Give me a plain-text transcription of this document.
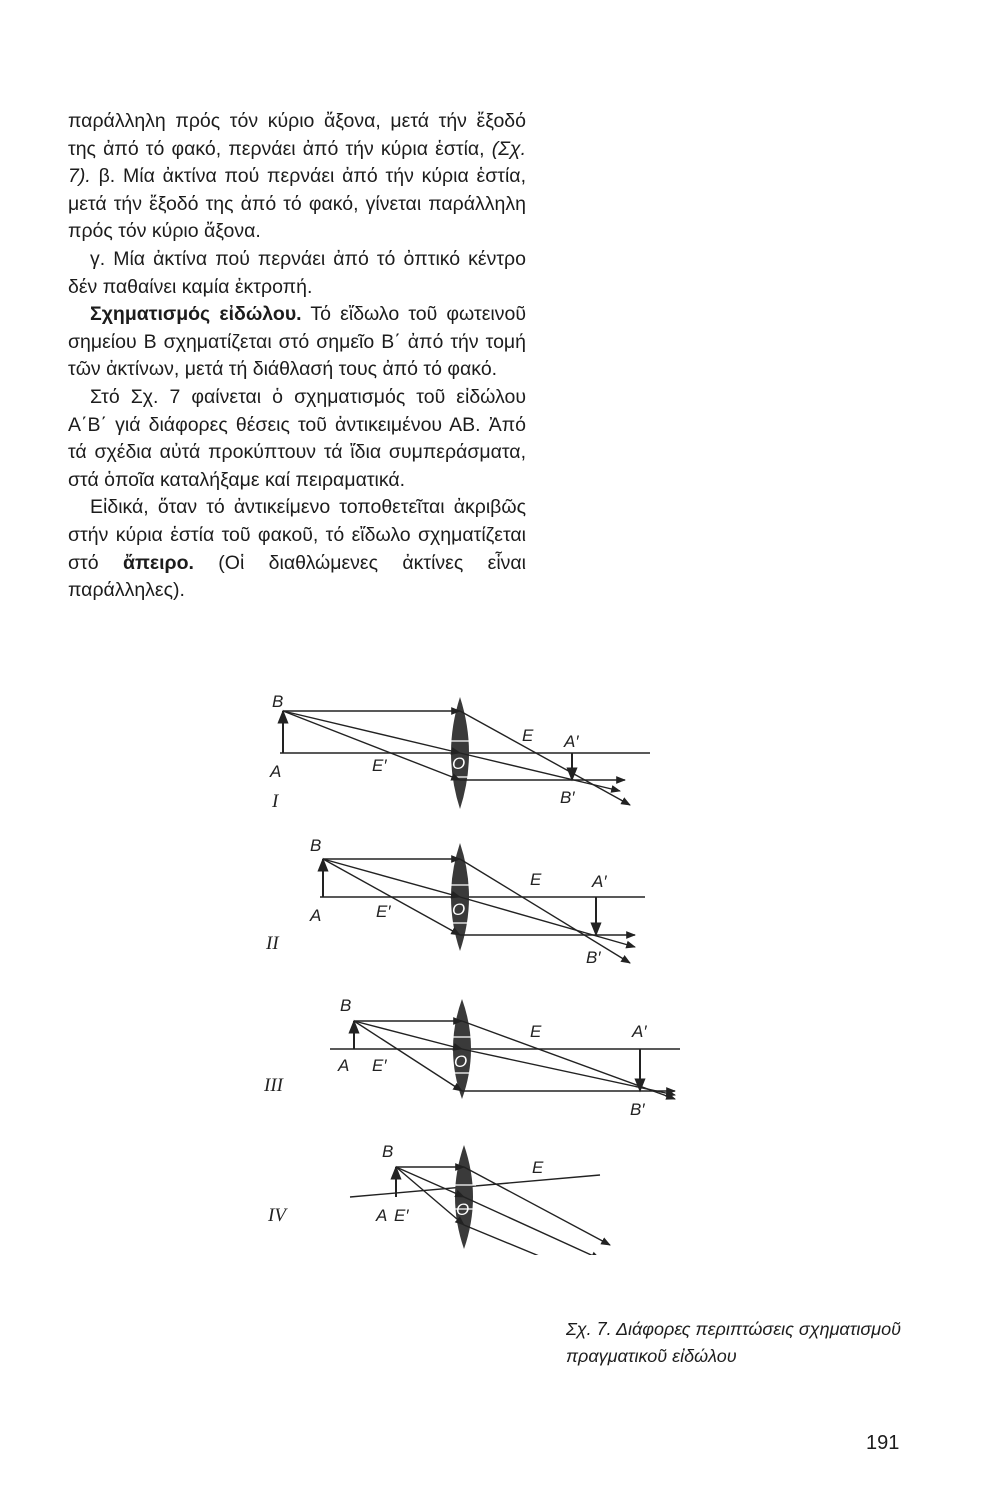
παράλληλη πρός τόν κύριο ἄξονα, μετά τήν ἔξοδό της ἀπό τό φακό, περνάει ἀπό τήν κύρια ἑστία, (Σχ. 7). β. Μία ἀκτίνα πού περνάει ἀπό τήν κύρια ἑστία, μετά τήν ἔξοδό της ἀπό τό φακό, γίνεται παράλληλη πρός τόν κύριο ἄξονα.

γ. Μία ἀκτίνα πού περνάει ἀπό τό ὀπτικό κέντρο δέν παθαίνει καμία ἐκτροπή.

Σχηματισμός εἰδώλου. Τό εἴδωλο τοῦ φωτεινοῦ σημείου Β σχηματίζεται στό σημεῖο Β΄ ἀπό τήν τομή τῶν ἀκτίνων, μετά τή διάθλασή τους ἀπό τό φακό.

Στό Σχ. 7 φαίνεται ὁ σχηματισμός τοῦ εἰδώλου Α΄Β΄ γιά διάφορες θέσεις τοῦ ἀντικειμένου ΑΒ. Ἀπό τά σχέδια αὐτά προκύπτουν τά ἴδια συμπεράσματα, στά ὁποῖα καταλήξαμε καί πειραματικά.

Εἰδικά, ὅταν τό ἀντικείμενο τοποθετεῖται ἀκριβῶς στήν κύρια ἑστία τοῦ φακοῦ, τό εἴδωλο σχηματίζεται στό ἄπειρο. (Οἱ διαθλώμενες ἀκτίνες εἶναι παράλληλες).

B
A	E′	O
E A′
B′
I
B
A	E′	O
E	A′
B′
II
B
A E′	O
E	A′
B′
III
B
A E′	O
E
IV
Σχ. 7. Διάφορες περιπτώσεις σχηματισμοῦ πραγματικοῦ εἰδώλου
191
